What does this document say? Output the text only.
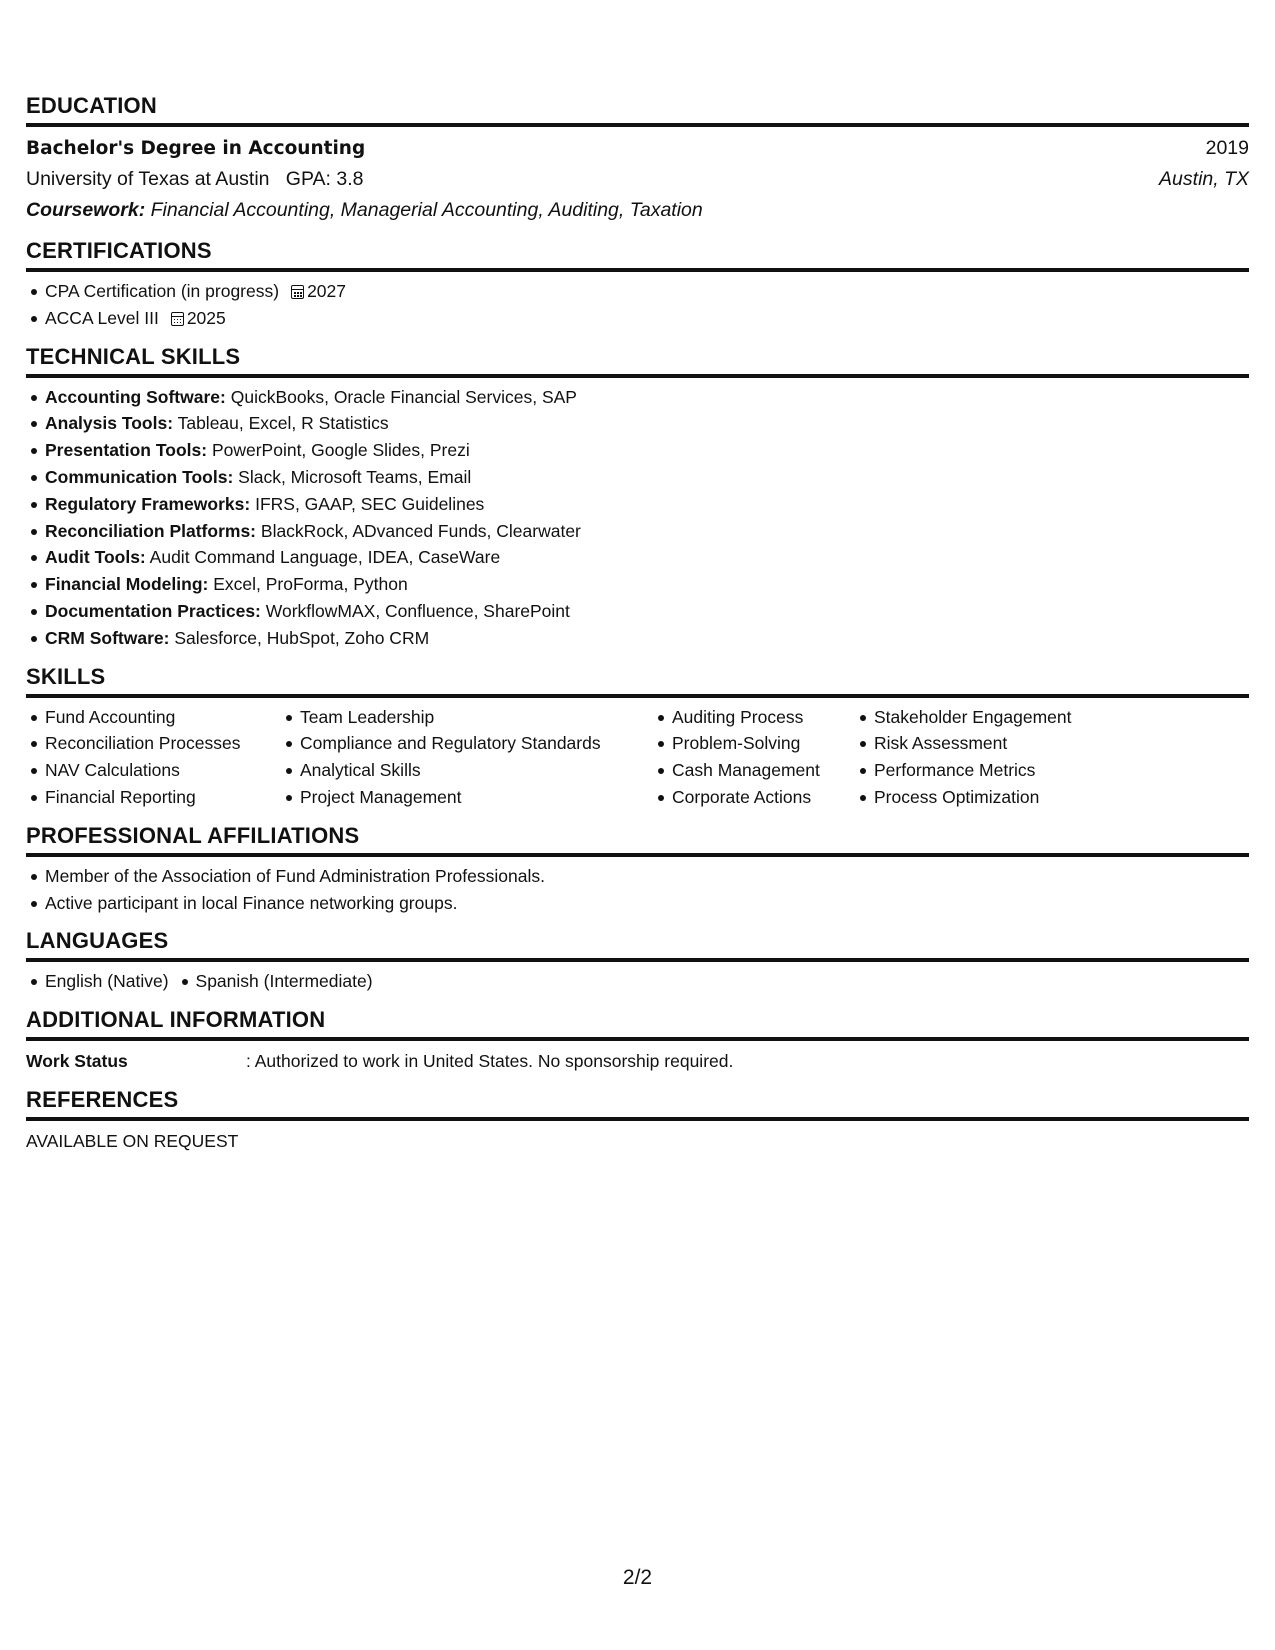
EDUCATION
Bachelor's Degree in Accounting	2019
University of Texas at Austin GPA: 3.8	Austin, TX
Coursework: Financial Accounting, Managerial Accounting, Auditing, Taxation
CERTIFICATIONS
CPA Certification (in progress) 2027
ACCA Level III 2025
TECHNICAL SKILLS
Accounting Software: QuickBooks, Oracle Financial Services, SAP
Analysis Tools: Tableau, Excel, R Statistics
Presentation Tools: PowerPoint, Google Slides, Prezi
Communication Tools: Slack, Microsoft Teams, Email
Regulatory Frameworks: IFRS, GAAP, SEC Guidelines
Reconciliation Platforms: BlackRock, ADvanced Funds, Clearwater
Audit Tools: Audit Command Language, IDEA, CaseWare
Financial Modeling: Excel, ProForma, Python
Documentation Practices: WorkflowMAX, Confluence, SharePoint
CRM Software: Salesforce, HubSpot, Zoho CRM
SKILLS
Fund Accounting
Reconciliation Processes
NAV Calculations
Financial Reporting
Team Leadership
Compliance and Regulatory Standards
Analytical Skills
Project Management
Auditing Process
Problem-Solving
Cash Management
Corporate Actions
Stakeholder Engagement
Risk Assessment
Performance Metrics
Process Optimization
PROFESSIONAL AFFILIATIONS
Member of the Association of Fund Administration Professionals.
Active participant in local Finance networking groups.
LANGUAGES
English (Native) Spanish (Intermediate)
ADDITIONAL INFORMATION
Work Status	: Authorized to work in United States. No sponsorship required.
REFERENCES
AVAILABLE ON REQUEST
2/2
